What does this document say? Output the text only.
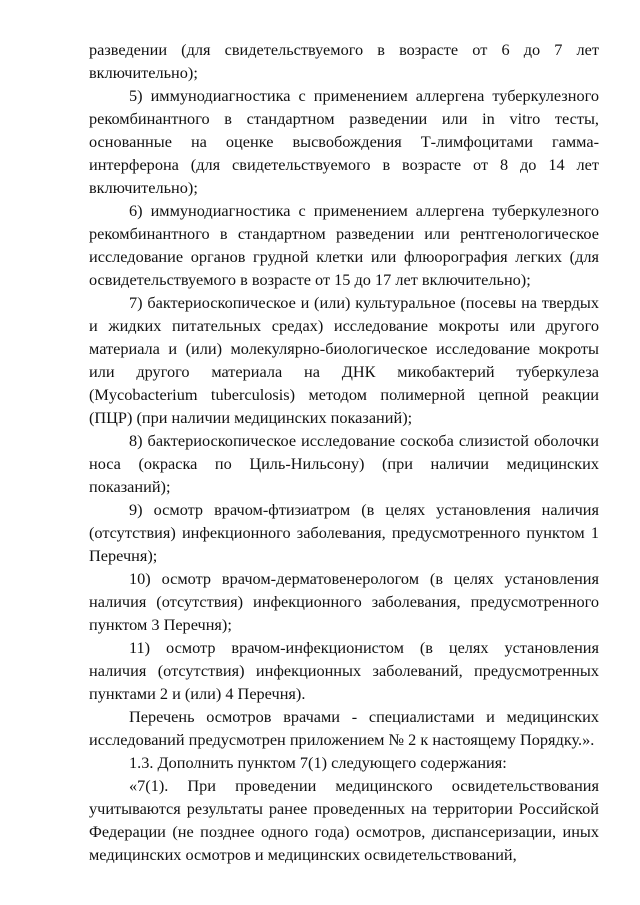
разведении (для свидетельствуемого в возрасте от 6 до 7 лет включительно);

5) иммунодиагностика с применением аллергена туберкулезного рекомбинантного в стандартном разведении или in vitro тесты, основанные на оценке высвобождения Т-лимфоцитами гамма-интерферона (для свидетельствуемого в возрасте от 8 до 14 лет включительно);

6) иммунодиагностика с применением аллергена туберкулезного рекомбинантного в стандартном разведении или рентгенологическое исследование органов грудной клетки или флюорография легких (для освидетельствуемого в возрасте от 15 до 17 лет включительно);

7) бактериоскопическое и (или) культуральное (посевы на твердых и жидких питательных средах) исследование мокроты или другого материала и (или) молекулярно-биологическое исследование мокроты или другого материала на ДНК микобактерий туберкулеза (Mycobacterium tuberculosis) методом полимерной цепной реакции (ПЦР) (при наличии медицинских показаний);

8) бактериоскопическое исследование соскоба слизистой оболочки носа (окраска по Циль-Нильсону) (при наличии медицинских показаний);

9) осмотр врачом-фтизиатром (в целях установления наличия (отсутствия) инфекционного заболевания, предусмотренного пунктом 1 Перечня);

10) осмотр врачом-дерматовенерологом (в целях установления наличия (отсутствия) инфекционного заболевания, предусмотренного пунктом 3 Перечня);

11) осмотр врачом-инфекционистом (в целях установления наличия (отсутствия) инфекционных заболеваний, предусмотренных пунктами 2 и (или) 4 Перечня).

Перечень осмотров врачами - специалистами и медицинских исследований предусмотрен приложением № 2 к настоящему Порядку.».

1.3. Дополнить пунктом 7(1) следующего содержания:

«7(1). При проведении медицинского освидетельствования учитываются результаты ранее проведенных на территории Российской Федерации (не позднее одного года) осмотров, диспансеризации, иных медицинских осмотров и медицинских освидетельствований,
